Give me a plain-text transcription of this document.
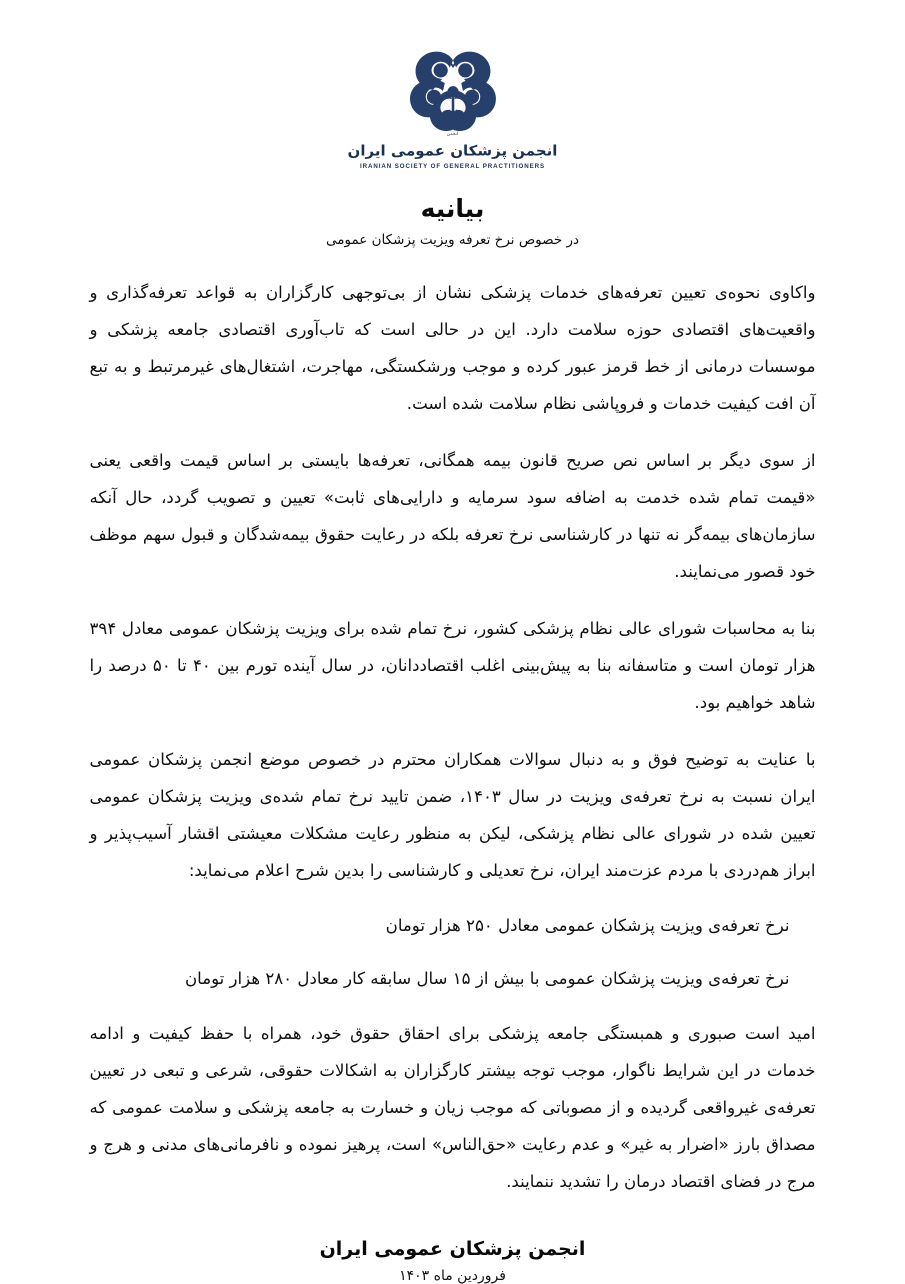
انجمن
انجمن پزشکان عمومی ایران
IRANIAN SOCIETY OF GENERAL PRACTITIONERS
بیانیه
در خصوص نرخ تعرفه ویزیت پزشکان عمومی

واکاوی نحوه‌ی تعیین تعرفه‌های خدمات پزشکی نشان از بی‌توجهی کارگزاران به قواعد تعرفه‌گذاری و واقعیت‌های اقتصادی حوزه سلامت دارد. این در حالی است که تاب‌آوری اقتصادی جامعه پزشکی و موسسات درمانی از خط قرمز عبور کرده و موجب ورشکستگی، مهاجرت، اشتغال‌های غیرمرتبط و به تبع آن افت کیفیت خدمات و فروپاشی نظام سلامت شده است.

از سوی دیگر بر اساس نص صریح قانون بیمه همگانی، تعرفه‌ها بایستی بر اساس قیمت واقعی یعنی «قیمت تمام شده خدمت به اضافه سود سرمایه و دارایی‌های ثابت» تعیین و تصویب گردد، حال آنکه سازمان‌های بیمه‌گر نه تنها در کارشناسی نرخ تعرفه بلکه در رعایت حقوق بیمه‌شدگان و قبول سهم موظف خود قصور می‌نمایند.

بنا به محاسبات شورای عالی نظام پزشکی کشور، نرخ تمام شده برای ویزیت پزشکان عمومی معادل ۳۹۴ هزار تومان است و متاسفانه بنا به پیش‌بینی اغلب اقتصاددانان، در سال آینده تورم بین ۴۰ تا ۵۰ درصد را شاهد خواهیم بود.

با عنایت به توضیح فوق و به دنبال سوالات همکاران محترم در خصوص موضع انجمن پزشکان عمومی ایران نسبت به نرخ تعرفه‌ی ویزیت در سال ۱۴۰۳، ضمن تایید نرخ تمام شده‌ی ویزیت پزشکان عمومی تعیین شده در شورای عالی نظام پزشکی، لیکن به منظور رعایت مشکلات معیشتی اقشار آسیب‌پذیر و ابراز هم‌دردی با مردم عزت‌مند ایران، نرخ تعدیلی و کارشناسی را بدین شرح اعلام می‌نماید:

نرخ تعرفه‌ی ویزیت پزشکان عمومی معادل ۲۵۰ هزار تومان
نرخ تعرفه‌ی ویزیت پزشکان عمومی با بیش از ۱۵ سال سابقه کار معادل ۲۸۰ هزار تومان

امید است صبوری و همبستگی جامعه پزشکی برای احقاق حقوق خود، همراه با حفظ کیفیت و ادامه خدمات در این شرایط ناگوار، موجب توجه بیشتر کارگزاران به اشکالات حقوقی، شرعی و تبعی در تعیین تعرفه‌ی غیرواقعی گردیده و از مصوباتی که موجب زیان و خسارت به جامعه پزشکی و سلامت عمومی که مصداق بارز «اضرار به غیر» و عدم رعایت «حق‌الناس» است، پرهیز نموده و نافرمانی‌های مدنی و هرج و مرج در فضای اقتصاد درمان را تشدید ننمایند.

انجمن پزشکان عمومی ایران
فروردین ماه ۱۴۰۳
